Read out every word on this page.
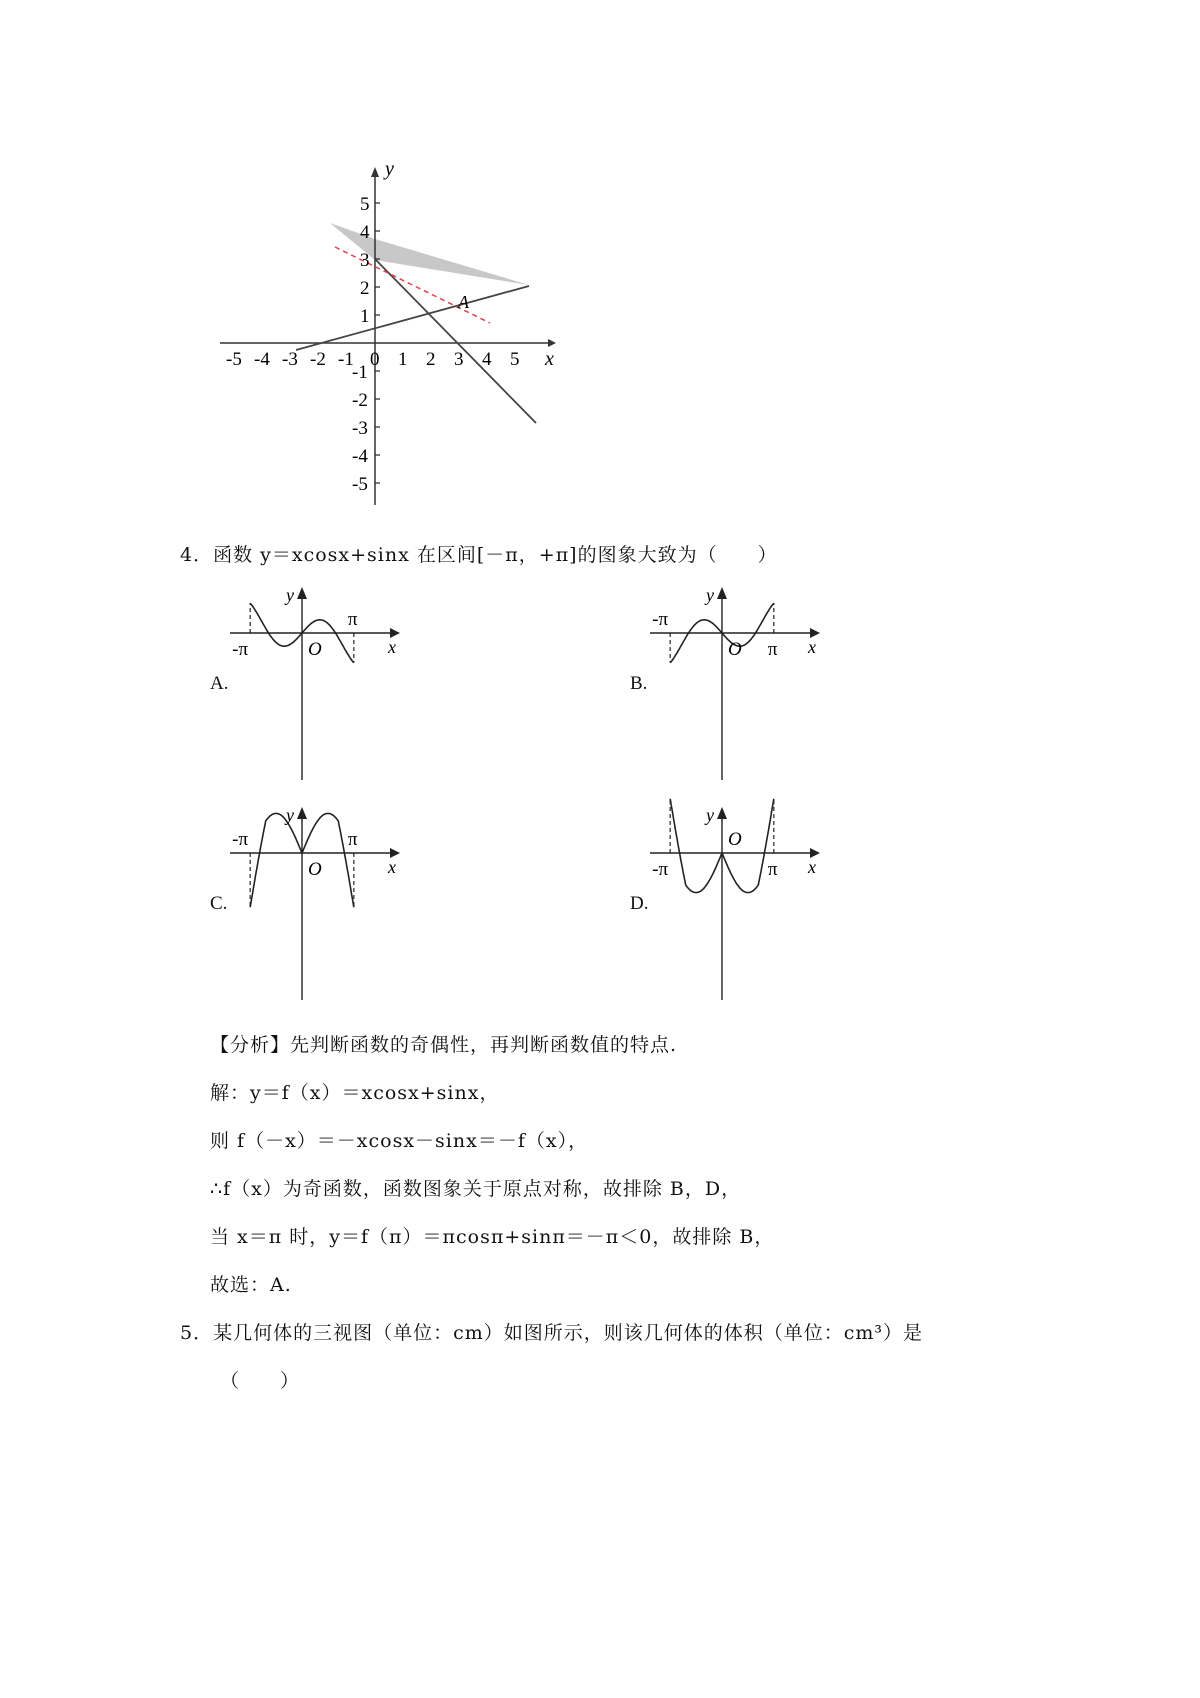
-5 -4 -3 -2 -1 0 1 2 3 4 5
5
4
3
2
1
-1
-2
-3
-4
-5
x
y
A
4．函数 y＝xcosx+sinx 在区间[－π，+π]的图象大致为（　　）
A.
-π
π
O	x
y
B.
-π
π
O	x
y
C.
-π	π
O	x
y
D.
-π	π
O
x
y
【分析】先判断函数的奇偶性，再判断函数值的特点.
解：y＝f（x）＝xcosx+sinx，
则 f（－x）＝－xcosx－sinx＝－f（x），
∴f（x）为奇函数，函数图象关于原点对称，故排除 B，D，
当 x＝π 时，y＝f（π）＝πcosπ+sinπ＝－π＜0，故排除 B，
故选：A.
5．某几何体的三视图（单位：cm）如图所示，则该几何体的体积（单位：cm³）是
（　　）
